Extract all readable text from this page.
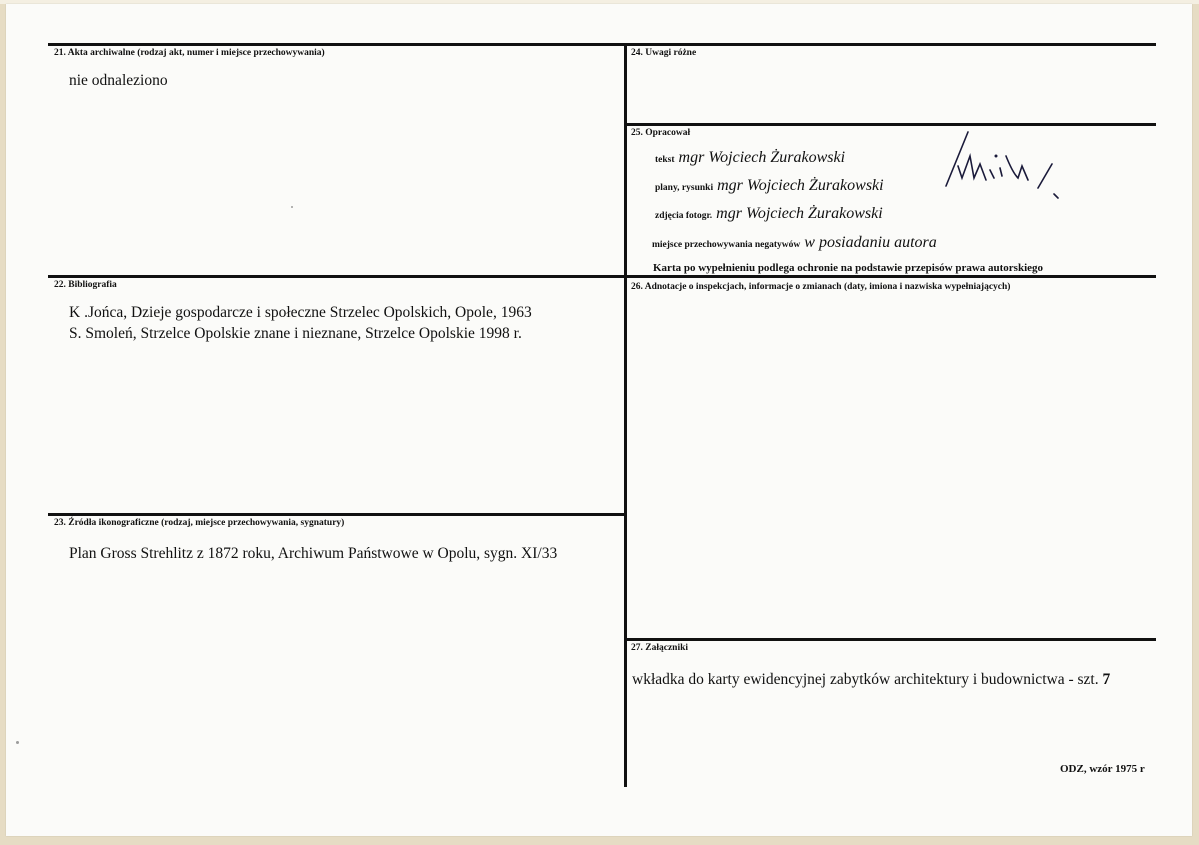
21. Akta archiwalne (rodzaj akt, numer i miejsce przechowywania)
nie odnaleziono
22. Bibliografia
K .Jońca, Dzieje gospodarcze i społeczne Strzelec Opolskich, Opole, 1963
S. Smoleń, Strzelce Opolskie znane i nieznane, Strzelce Opolskie 1998 r.
23. Źródła ikonograficzne (rodzaj, miejsce przechowywania, sygnatury)
Plan Gross Strehlitz z 1872 roku, Archiwum Państwowe w Opolu, sygn. XI/33
24. Uwagi różne
25. Opracował
tekst mgr Wojciech Żurakowski
plany, rysunki mgr Wojciech Żurakowski
zdjęcia fotogr. mgr Wojciech Żurakowski
miejsce przechowywania negatywów w posiadaniu autora
Karta po wypełnieniu podlega ochronie na podstawie przepisów prawa autorskiego
26. Adnotacje o inspekcjach, informacje o zmianach (daty, imiona i nazwiska wypełniających)
27. Załączniki
wkładka do karty ewidencyjnej zabytków architektury i budownictwa - szt. 7
ODZ, wzór 1975 r
